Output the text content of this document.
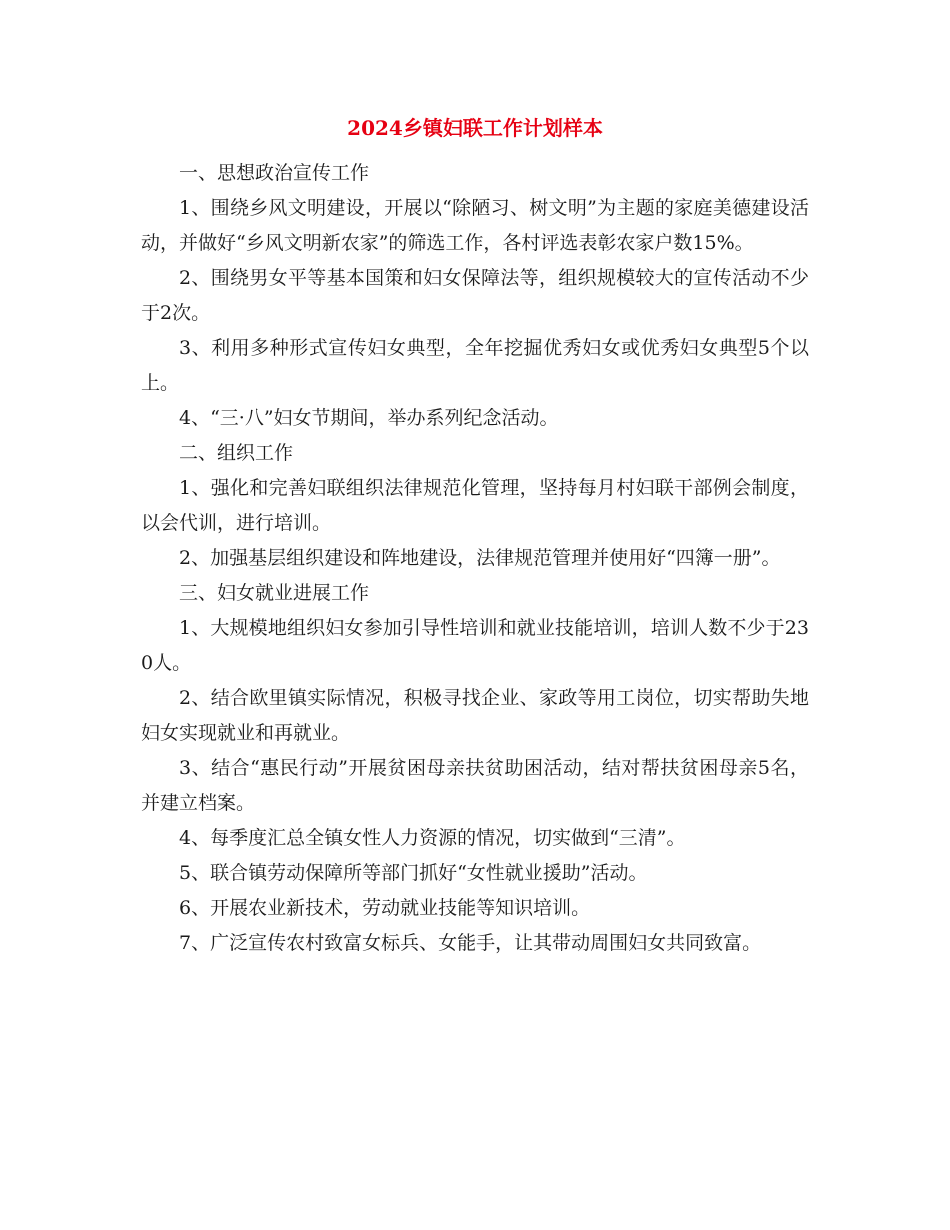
2024乡镇妇联工作计划样本

一、思想政治宣传工作

1、围绕乡风文明建设，开展以“除陋习、树文明”为主题的家庭美德建设活动，并做好“乡风文明新农家”的筛选工作，各村评选表彰农家户数15%。

2、围绕男女平等基本国策和妇女保障法等，组织规模较大的宣传活动不少于2次。

3、利用多种形式宣传妇女典型，全年挖掘优秀妇女或优秀妇女典型5个以上。

4、“三·八”妇女节期间，举办系列纪念活动。

二、组织工作

1、强化和完善妇联组织法律规范化管理，坚持每月村妇联干部例会制度，以会代训，进行培训。

2、加强基层组织建设和阵地建设，法律规范管理并使用好“四簿一册”。

三、妇女就业进展工作

1、大规模地组织妇女参加引导性培训和就业技能培训，培训人数不少于230人。

2、结合欧里镇实际情况，积极寻找企业、家政等用工岗位，切实帮助失地妇女实现就业和再就业。

3、结合“惠民行动”开展贫困母亲扶贫助困活动，结对帮扶贫困母亲5名，并建立档案。

4、每季度汇总全镇女性人力资源的情况，切实做到“三清”。

5、联合镇劳动保障所等部门抓好“女性就业援助”活动。

6、开展农业新技术，劳动就业技能等知识培训。

7、广泛宣传农村致富女标兵、女能手，让其带动周围妇女共同致富。
